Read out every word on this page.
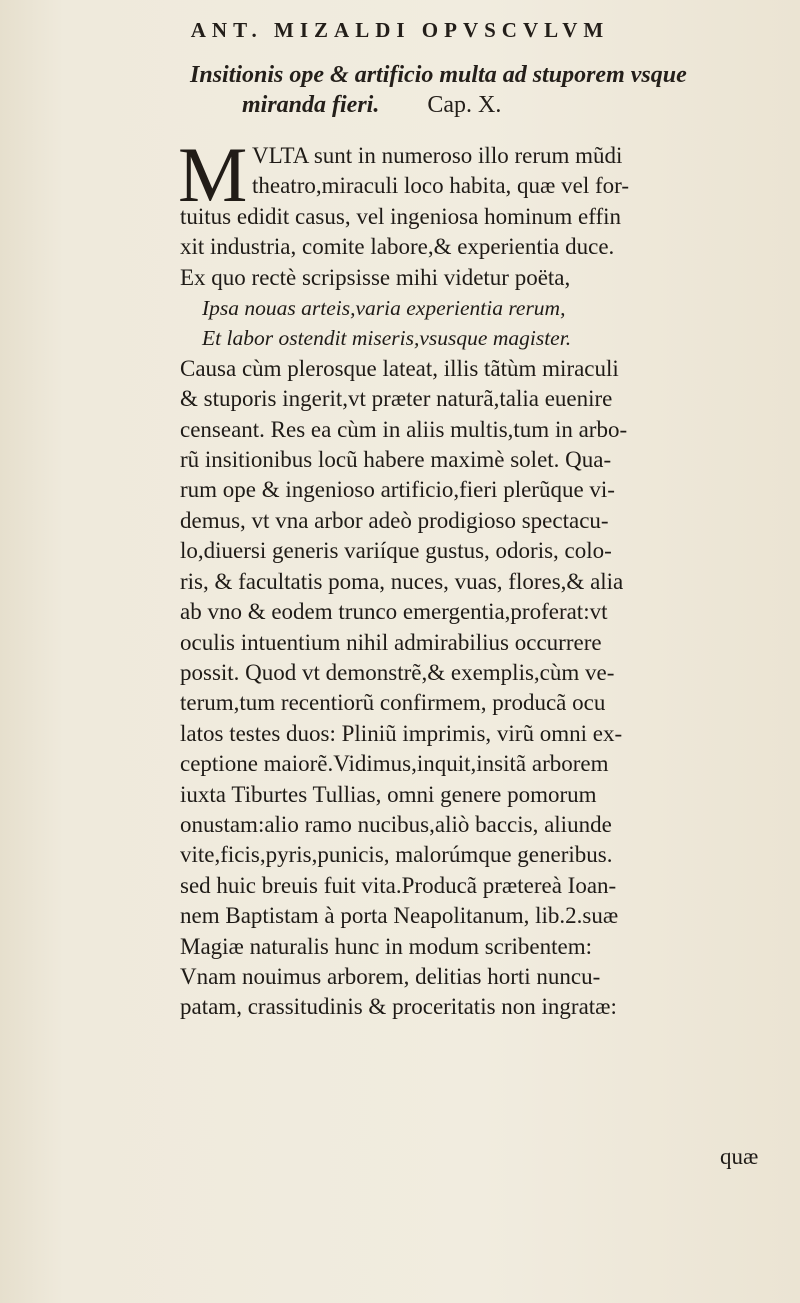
ANT. MIZALDI OPVSCVLVM
Insitionis ope & artificio multa ad stuporem vsque
miranda fieri. Cap. X.
M VLTA sunt in numeroso illo rerum mũdi
theatro,miraculi loco habita, quæ vel for-
tuitus edidit casus, vel ingeniosa hominum effin
xit industria, comite labore,& experientia duce.
Ex quo rectè scripsisse mihi videtur poëta,
Ipsa nouas arteis,varia experientia rerum,
Et labor ostendit miseris,vsusque magister.
Causa cùm plerosque lateat, illis tãtùm miraculi
& stuporis ingerit,vt præter naturã,talia euenire
censeant. Res ea cùm in aliis multis,tum in arbo-
rũ insitionibus locũ habere maximè solet. Qua-
rum ope & ingenioso artificio,fieri plerũque vi-
demus, vt vna arbor adeò prodigioso spectacu-
lo,diuersi generis variíque gustus, odoris, colo-
ris, & facultatis poma, nuces, vuas, flores,& alia
ab vno & eodem trunco emergentia,proferat:vt
oculis intuentium nihil admirabilius occurrere
possit. Quod vt demonstrẽ,& exemplis,cùm ve-
terum,tum recentiorũ confirmem, producã ocu
latos testes duos: Pliniũ imprimis, virũ omni ex-
ceptione maiorẽ.Vidimus,inquit,insitã arborem
iuxta Tiburtes Tullias, omni genere pomorum
onustam:alio ramo nucibus,aliò baccis, aliunde
vite,ficis,pyris,punicis, malorúmque generibus.
sed huic breuis fuit vita.Producã prætereà Ioan-
nem Baptistam à porta Neapolitanum, lib.2.suæ
Magiæ naturalis hunc in modum scribentem:
Vnam nouimus arborem, delitias horti nuncu-
patam, crassitudinis & proceritatis non ingratæ:
quæ
